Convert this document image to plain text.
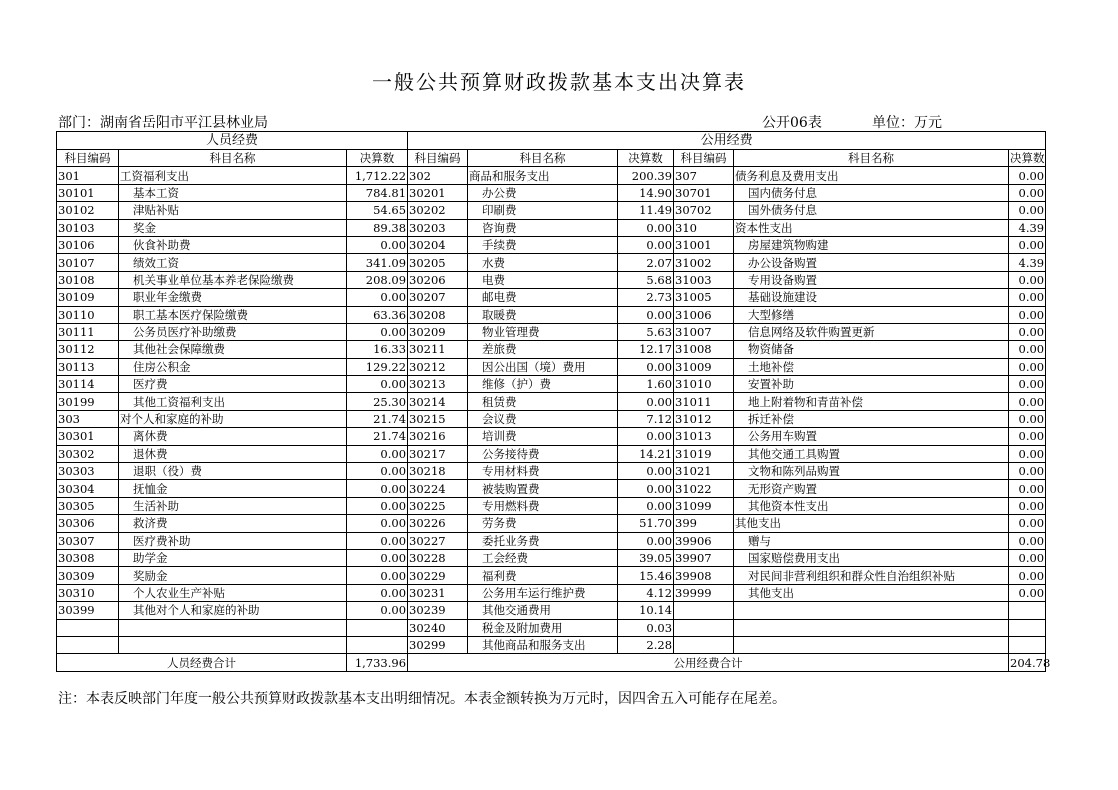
一般公共预算财政拨款基本支出决算表
部门：湖南省岳阳市平江县林业局	公开06表	单位：万元
人员经费			公用经费					
科目编码	科目名称	决算数	科目编码	科目名称	决算数	科目编码	科目名称	决算数
301	工资福利支出	1,712.22	302	商品和服务支出	200.39	307	债务利息及费用支出	0.00
30101	基本工资	784.81	30201	办公费	14.90	30701	国内债务付息	0.00
30102	津贴补贴	54.65	30202	印刷费	11.49	30702	国外债务付息	0.00
30103	奖金	89.38	30203	咨询费	0.00	310	资本性支出	4.39
30106	伙食补助费	0.00	30204	手续费	0.00	31001	房屋建筑物购建	0.00
30107	绩效工资	341.09	30205	水费	2.07	31002	办公设备购置	4.39
30108	机关事业单位基本养老保险缴费	208.09	30206	电费	5.68	31003	专用设备购置	0.00
30109	职业年金缴费	0.00	30207	邮电费	2.73	31005	基础设施建设	0.00
30110	职工基本医疗保险缴费	63.36	30208	取暖费	0.00	31006	大型修缮	0.00
30111	公务员医疗补助缴费	0.00	30209	物业管理费	5.63	31007	信息网络及软件购置更新	0.00
30112	其他社会保障缴费	16.33	30211	差旅费	12.17	31008	物资储备	0.00
30113	住房公积金	129.22	30212	因公出国（境）费用	0.00	31009	土地补偿	0.00
30114	医疗费	0.00	30213	维修（护）费	1.60	31010	安置补助	0.00
30199	其他工资福利支出	25.30	30214	租赁费	0.00	31011	地上附着物和青苗补偿	0.00
303	对个人和家庭的补助	21.74	30215	会议费	7.12	31012	拆迁补偿	0.00
30301	离休费	21.74	30216	培训费	0.00	31013	公务用车购置	0.00
30302	退休费	0.00	30217	公务接待费	14.21	31019	其他交通工具购置	0.00
30303	退职（役）费	0.00	30218	专用材料费	0.00	31021	文物和陈列品购置	0.00
30304	抚恤金	0.00	30224	被装购置费	0.00	31022	无形资产购置	0.00
30305	生活补助	0.00	30225	专用燃料费	0.00	31099	其他资本性支出	0.00
30306	救济费	0.00	30226	劳务费	51.70	399	其他支出	0.00
30307	医疗费补助	0.00	30227	委托业务费	0.00	39906	赠与	0.00
30308	助学金	0.00	30228	工会经费	39.05	39907	国家赔偿费用支出	0.00
30309	奖励金	0.00	30229	福利费	15.46	39908	对民间非营利组织和群众性自治组织补贴	0.00
30310	个人农业生产补贴	0.00	30231	公务用车运行维护费	4.12	39999	其他支出	0.00
30399	其他对个人和家庭的补助	0.00	30239	其他交通费用	10.14			
			30240	税金及附加费用	0.03			
			30299	其他商品和服务支出	2.28			
人员经费合计		1,733.96	公用经费合计					204.78
注：本表反映部门年度一般公共预算财政拨款基本支出明细情况。本表金额转换为万元时，因四舍五入可能存在尾差。
